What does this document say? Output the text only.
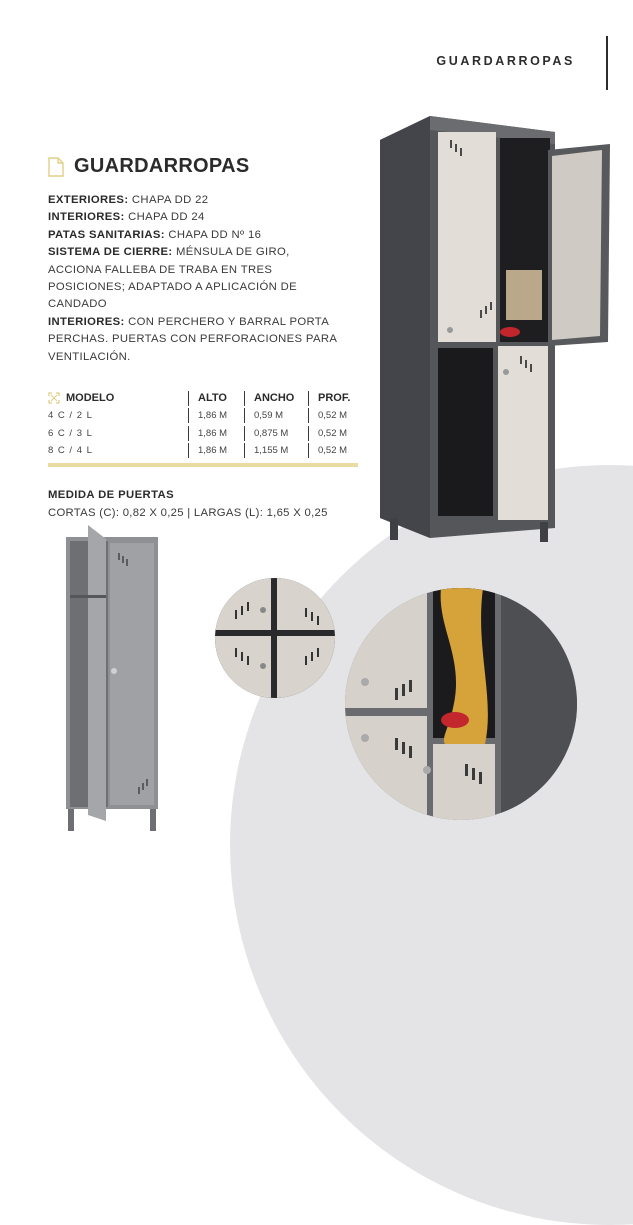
GUARDARROPAS
GUARDARROPAS
EXTERIORES: CHAPA DD 22
INTERIORES: CHAPA DD 24
PATAS SANITARIAS: CHAPA DD Nº 16
SISTEMA DE CIERRE: MÉNSULA DE GIRO, ACCIONA FALLEBA DE TRABA EN TRES POSICIONES; ADAPTADO A APLICACIÓN DE CANDADO
INTERIORES: CON PERCHERO Y BARRAL PORTA PERCHAS. PUERTAS CON PERFORACIONES PARA VENTILACIÓN.
MODELO	ALTO	ANCHO	PROF.
4 C / 2 L	1,86 M	0,59 M	0,52 M
6 C / 3 L	1,86 M	0,875 M	0,52 M
8 C / 4 L	1,86 M	1,155 M	0,52 M
MEDIDA DE PUERTAS
CORTAS (C): 0,82 X 0,25 | LARGAS (L): 1,65 X 0,25
